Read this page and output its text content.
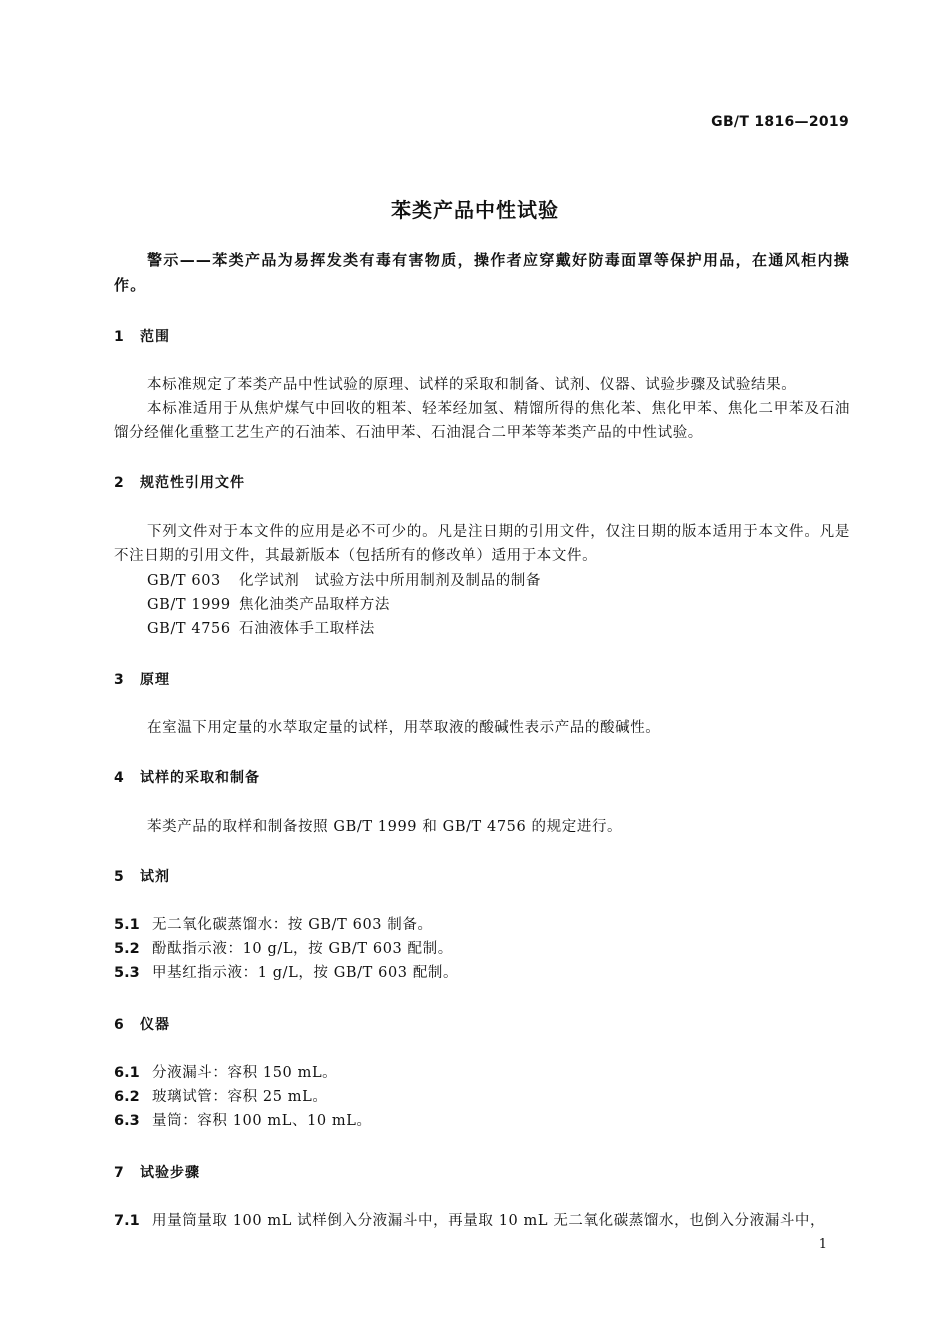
GB/T 1816—2019
苯类产品中性试验
警示——苯类产品为易挥发类有毒有害物质，操作者应穿戴好防毒面罩等保护用品，在通风柜内操作。
1 范围
本标准规定了苯类产品中性试验的原理、试样的采取和制备、试剂、仪器、试验步骤及试验结果。
本标准适用于从焦炉煤气中回收的粗苯、轻苯经加氢、精馏所得的焦化苯、焦化甲苯、焦化二甲苯及石油馏分经催化重整工艺生产的石油苯、石油甲苯、石油混合二甲苯等苯类产品的中性试验。
2 规范性引用文件
下列文件对于本文件的应用是必不可少的。凡是注日期的引用文件，仅注日期的版本适用于本文件。凡是不注日期的引用文件，其最新版本（包括所有的修改单）适用于本文件。
GB/T 603 化学试剂　试验方法中所用制剂及制品的制备
GB/T 1999 焦化油类产品取样方法
GB/T 4756 石油液体手工取样法
3 原理
在室温下用定量的水萃取定量的试样，用萃取液的酸碱性表示产品的酸碱性。
4 试样的采取和制备
苯类产品的取样和制备按照 GB/T 1999 和 GB/T 4756 的规定进行。
5 试剂
5.1 无二氧化碳蒸馏水：按 GB/T 603 制备。
5.2 酚酞指示液：10 g/L，按 GB/T 603 配制。
5.3 甲基红指示液：1 g/L，按 GB/T 603 配制。
6 仪器
6.1 分液漏斗：容积 150 mL。
6.2 玻璃试管：容积 25 mL。
6.3 量筒：容积 100 mL、10 mL。
7 试验步骤
7.1 用量筒量取 100 mL 试样倒入分液漏斗中，再量取 10 mL 无二氧化碳蒸馏水，也倒入分液漏斗中，
1
